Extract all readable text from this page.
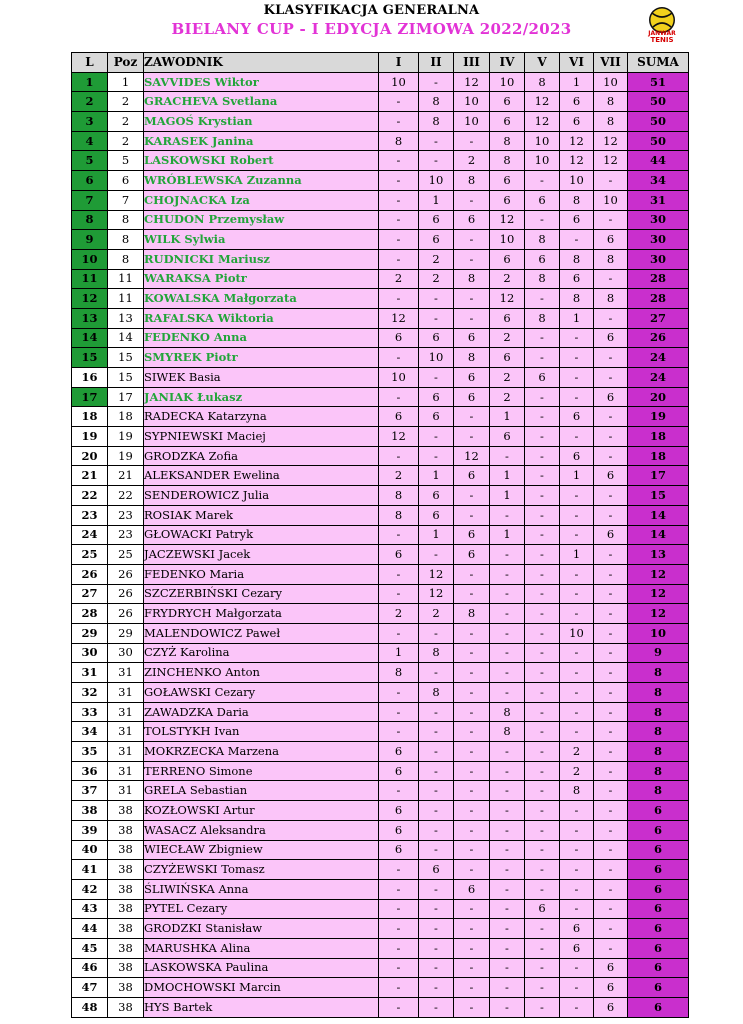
KLASYFIKACJA GENERALNA
BIELANY CUP - I EDYCJA ZIMOWA 2022/2023	JANWAR
TENIS
L	Poz	ZAWODNIK	I	II	III	IV	V	VI	VII	SUMA
1	1	SAVVIDES Wiktor	10	-	12	10	8	1	10	51
2	2	GRACHEVA Svetlana	-	8	10	6	12	6	8	50
3	2	MAGOŚ Krystian	-	8	10	6	12	6	8	50
4	2	KARASEK Janina	8	-	-	8	10	12	12	50
5	5	LASKOWSKI Robert	-	-	2	8	10	12	12	44
6	6	WRÓBLEWSKA Zuzanna	-	10	8	6	-	10	-	34
7	7	CHOJNACKA Iza	-	1	-	6	6	8	10	31
8	8	CHUDON Przemysław	-	6	6	12	-	6	-	30
9	8	WILK Sylwia	-	6	-	10	8	-	6	30
10	8	RUDNICKI Mariusz	-	2	-	6	6	8	8	30
11	11	WARAKSA Piotr	2	2	8	2	8	6	-	28
12	11	KOWALSKA Małgorzata	-	-	-	12	-	8	8	28
13	13	RAFALSKA Wiktoria	12	-	-	6	8	1	-	27
14	14	FEDENKO Anna	6	6	6	2	-	-	6	26
15	15	SMYREK Piotr	-	10	8	6	-	-	-	24
16	15	SIWEK Basia	10	-	6	2	6	-	-	24
17	17	JANIAK Łukasz	-	6	6	2	-	-	6	20
18	18	RADECKA Katarzyna	6	6	-	1	-	6	-	19
19	19	SYPNIEWSKI Maciej	12	-	-	6	-	-	-	18
20	19	GRODZKA Zofia	-	-	12	-	-	6	-	18
21	21	ALEKSANDER Ewelina	2	1	6	1	-	1	6	17
22	22	SENDEROWICZ Julia	8	6	-	1	-	-	-	15
23	23	ROSIAK Marek	8	6	-	-	-	-	-	14
24	23	GŁOWACKI Patryk	-	1	6	1	-	-	6	14
25	25	JACZEWSKI Jacek	6	-	6	-	-	1	-	13
26	26	FEDENKO Maria	-	12	-	-	-	-	-	12
27	26	SZCZERBIŃSKI Cezary	-	12	-	-	-	-	-	12
28	26	FRYDRYCH Małgorzata	2	2	8	-	-	-	-	12
29	29	MALENDOWICZ Paweł	-	-	-	-	-	10	-	10
30	30	CZYŻ Karolina	1	8	-	-	-	-	-	9
31	31	ZINCHENKO Anton	8	-	-	-	-	-	-	8
32	31	GOŁAWSKI Cezary	-	8	-	-	-	-	-	8
33	31	ZAWADZKA Daria	-	-	-	8	-	-	-	8
34	31	TOLSTYKH Ivan	-	-	-	8	-	-	-	8
35	31	MOKRZECKA Marzena	6	-	-	-	-	2	-	8
36	31	TERRENO Simone	6	-	-	-	-	2	-	8
37	31	GRELA Sebastian	-	-	-	-	-	8	-	8
38	38	KOZŁOWSKI Artur	6	-	-	-	-	-	-	6
39	38	WASACZ Aleksandra	6	-	-	-	-	-	-	6
40	38	WIECŁAW Zbigniew	6	-	-	-	-	-	-	6
41	38	CZYŻEWSKI Tomasz	-	6	-	-	-	-	-	6
42	38	ŚLIWIŃSKA Anna	-	-	6	-	-	-	-	6
43	38	PYTEL Cezary	-	-	-	-	6	-	-	6
44	38	GRODZKI Stanisław	-	-	-	-	-	6	-	6
45	38	MARUSHKA Alina	-	-	-	-	-	6	-	6
46	38	LASKOWSKA Paulina	-	-	-	-	-	-	6	6
47	38	DMOCHOWSKI Marcin	-	-	-	-	-	-	6	6
48	38	HYS Bartek	-	-	-	-	-	-	6	6
